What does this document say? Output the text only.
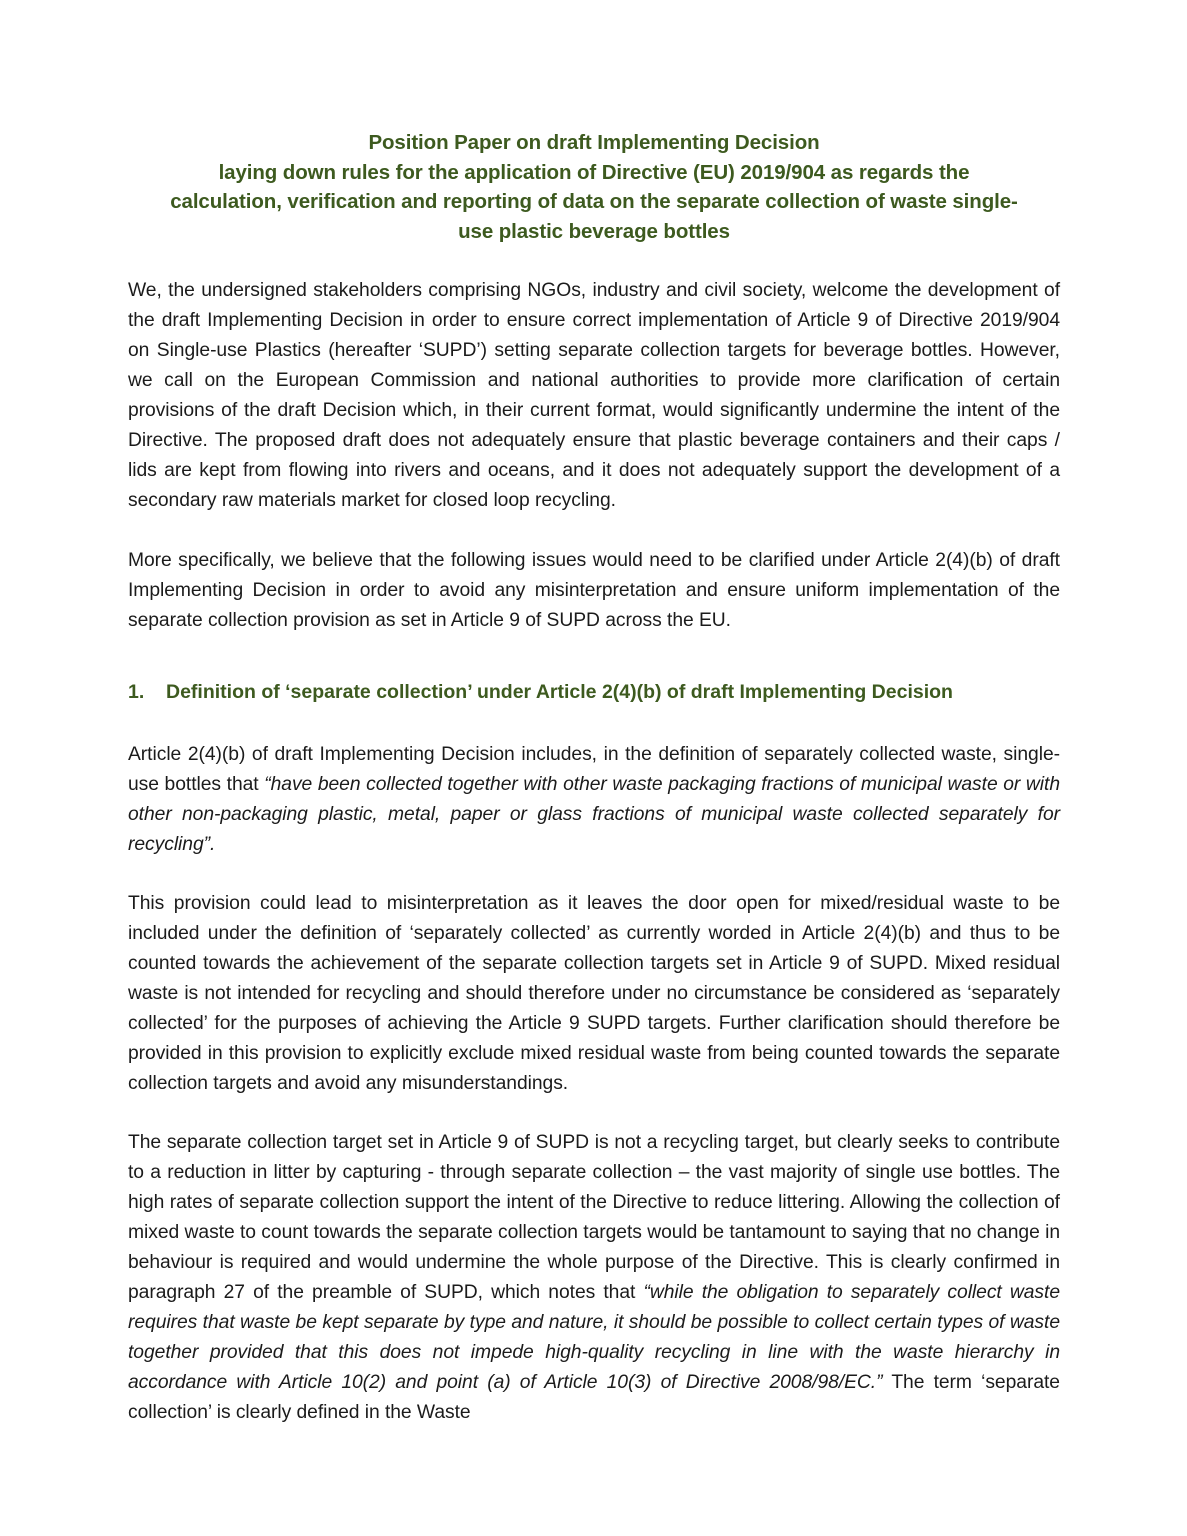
Position Paper on draft Implementing Decision
laying down rules for the application of Directive (EU) 2019/904 as regards the
calculation, verification and reporting of data on the separate collection of waste single-
use plastic beverage bottles

We, the undersigned stakeholders comprising NGOs, industry and civil society, welcome the development of the draft Implementing Decision in order to ensure correct implementation of Article 9 of Directive 2019/904 on Single-use Plastics (hereafter ‘SUPD’) setting separate collection targets for beverage bottles. However, we call on the European Commission and national authorities to provide more clarification of certain provisions of the draft Decision which, in their current format, would significantly undermine the intent of the Directive. The proposed draft does not adequately ensure that plastic beverage containers and their caps / lids are kept from flowing into rivers and oceans, and it does not adequately support the development of a secondary raw materials market for closed loop recycling.

More specifically, we believe that the following issues would need to be clarified under Article 2(4)(b) of draft Implementing Decision in order to avoid any misinterpretation and ensure uniform implementation of the separate collection provision as set in Article 9 of SUPD across the EU.

1.	Definition of ‘separate collection’ under Article 2(4)(b) of draft Implementing Decision

Article 2(4)(b) of draft Implementing Decision includes, in the definition of separately collected waste, single-use bottles that “have been collected together with other waste packaging fractions of municipal waste or with other non-packaging plastic, metal, paper or glass fractions of municipal waste collected separately for recycling”.

This provision could lead to misinterpretation as it leaves the door open for mixed/residual waste to be included under the definition of ‘separately collected’ as currently worded in Article 2(4)(b) and thus to be counted towards the achievement of the separate collection targets set in Article 9 of SUPD. Mixed residual waste is not intended for recycling and should therefore under no circumstance be considered as ‘separately collected’ for the purposes of achieving the Article 9 SUPD targets. Further clarification should therefore be provided in this provision to explicitly exclude mixed residual waste from being counted towards the separate collection targets and avoid any misunderstandings.

The separate collection target set in Article 9 of SUPD is not a recycling target, but clearly seeks to contribute to a reduction in litter by capturing - through separate collection – the vast majority of single use bottles. The high rates of separate collection support the intent of the Directive to reduce littering. Allowing the collection of mixed waste to count towards the separate collection targets would be tantamount to saying that no change in behaviour is required and would undermine the whole purpose of the Directive. This is clearly confirmed in paragraph 27 of the preamble of SUPD, which notes that “while the obligation to separately collect waste requires that waste be kept separate by type and nature, it should be possible to collect certain types of waste together provided that this does not impede high-quality recycling in line with the waste hierarchy in accordance with Article 10(2) and point (a) of Article 10(3) of Directive 2008/98/EC.” The term ‘separate collection’ is clearly defined in the Waste
